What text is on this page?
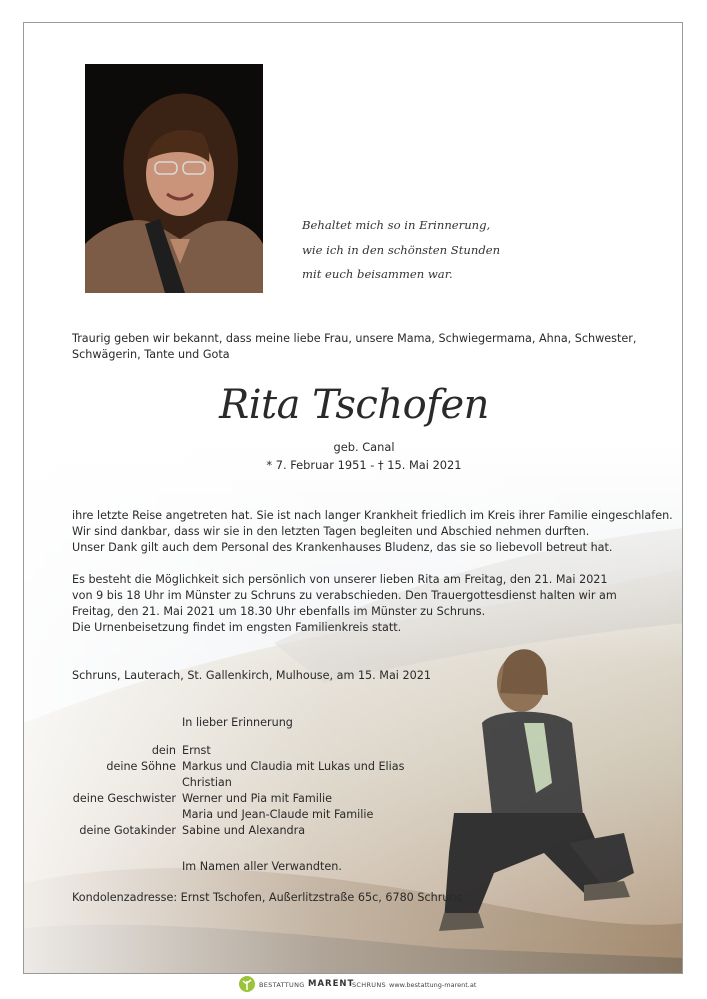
Behaltet mich so in Erinnerung,
wie ich in den schönsten Stunden
mit euch beisammen war.
Traurig geben wir bekannt, dass meine liebe Frau, unsere Mama, Schwiegermama, Ahna, Schwester,
Schwägerin, Tante und Gota
Rita Tschofen
geb. Canal
* 7. Februar 1951 - † 15. Mai 2021
ihre letzte Reise angetreten hat. Sie ist nach langer Krankheit friedlich im Kreis ihrer Familie eingeschlafen.
Wir sind dankbar, dass wir sie in den letzten Tagen begleiten und Abschied nehmen durften.
Unser Dank gilt auch dem Personal des Krankenhauses Bludenz, das sie so liebevoll betreut hat.
Es besteht die Möglichkeit sich persönlich von unserer lieben Rita am Freitag, den 21. Mai 2021
von 9 bis 18 Uhr im Münster zu Schruns zu verabschieden. Den Trauergottesdienst halten wir am
Freitag, den 21. Mai 2021 um 18.30 Uhr ebenfalls im Münster zu Schruns.
Die Urnenbeisetzung findet im engsten Familienkreis statt.
Schruns, Lauterach, St. Gallenkirch, Mulhouse, am 15. Mai 2021
In lieber Erinnerung
dein Ernst
deine Söhne Markus und Claudia mit Lukas und Elias
Christian
deine Geschwister Werner und Pia mit Familie
Maria und Jean-Claude mit Familie
deine Gotakinder Sabine und Alexandra
Im Namen aller Verwandten.
Kondolenzadresse: Ernst Tschofen, Außerlitzstraße 65c, 6780 Schruns
BESTATTUNG MARENT
SCHRUNS www.bestattung-marent.at
